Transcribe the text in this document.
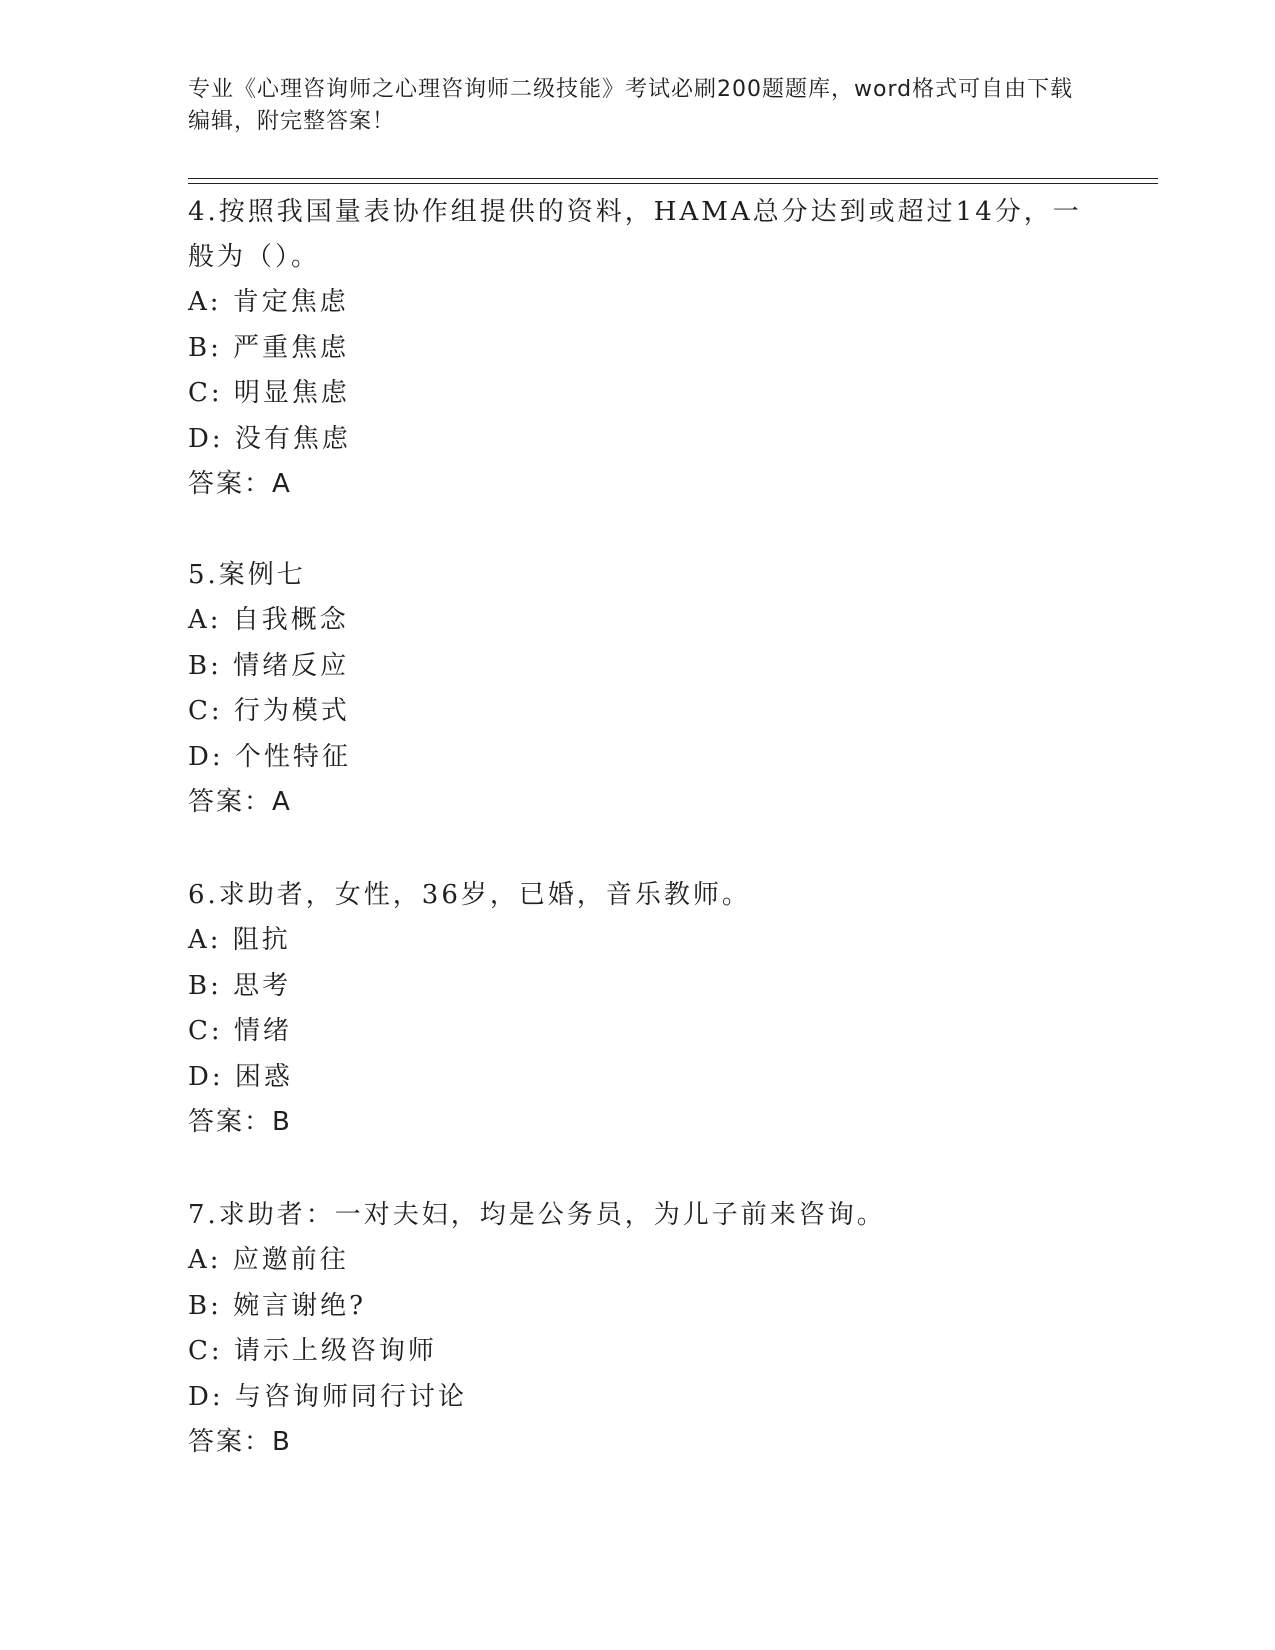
专业《心理咨询师之心理咨询师二级技能》考试必刷200题题库，word格式可自由下载编辑，附完整答案！

4.按照我国量表协作组提供的资料，HAMA总分达到或超过14分，一般为（）。

A: 肯定焦虑

B: 严重焦虑

C: 明显焦虑

D: 没有焦虑

答案：A

5.案例七

A: 自我概念

B: 情绪反应

C: 行为模式

D: 个性特征

答案：A

6.求助者，女性，36岁，已婚，音乐教师。

A: 阻抗

B: 思考

C: 情绪

D: 困惑

答案：B

7.求助者：一对夫妇，均是公务员，为儿子前来咨询。

A: 应邀前往

B: 婉言谢绝?

C: 请示上级咨询师

D: 与咨询师同行讨论

答案：B
